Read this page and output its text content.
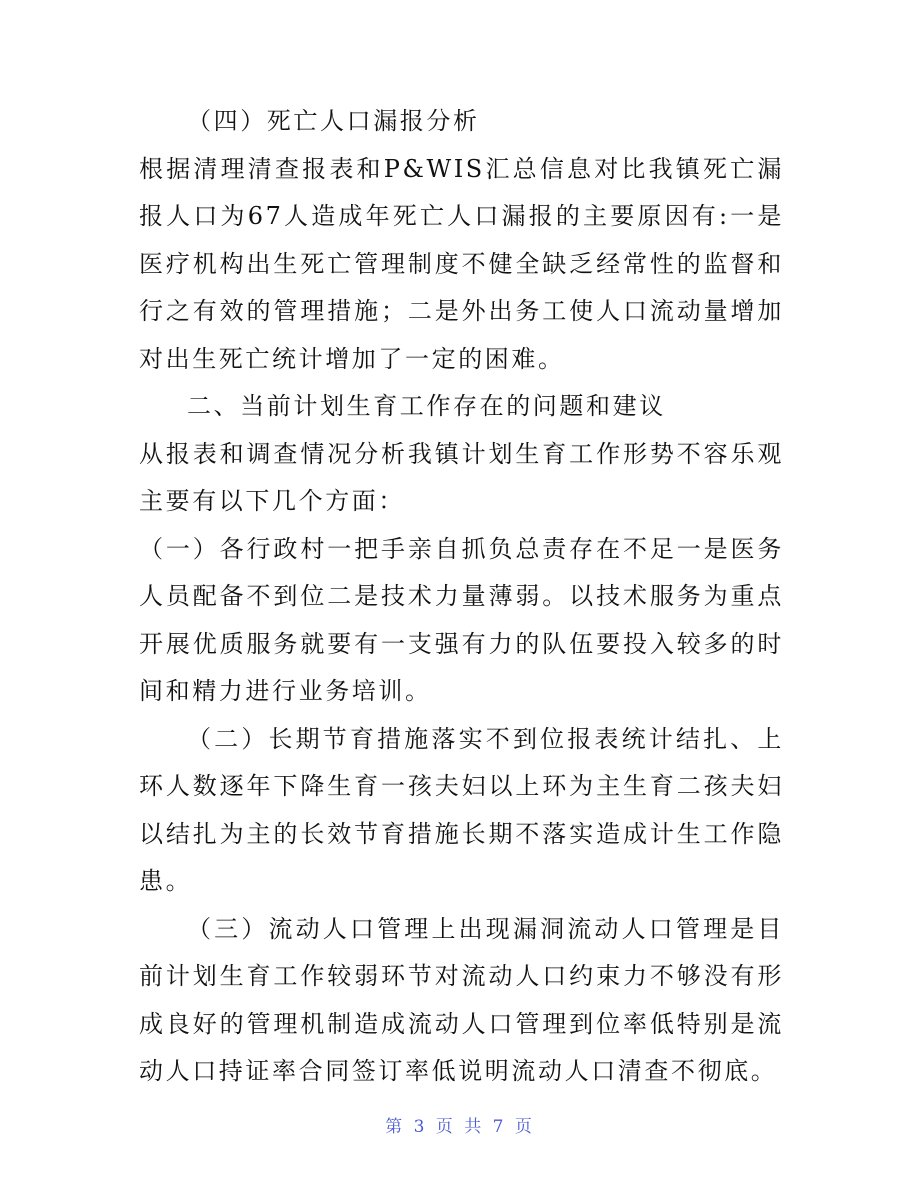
（四）死亡人口漏报分析

根据清理清查报表和P&WIS汇总信息对比我镇死亡漏报人口为67人造成年死亡人口漏报的主要原因有:一是医疗机构出生死亡管理制度不健全缺乏经常性的监督和行之有效的管理措施；二是外出务工使人口流动量增加对出生死亡统计增加了一定的困难。

二、当前计划生育工作存在的问题和建议

从报表和调查情况分析我镇计划生育工作形势不容乐观主要有以下几个方面：

（一）各行政村一把手亲自抓负总责存在不足一是医务人员配备不到位二是技术力量薄弱。以技术服务为重点开展优质服务就要有一支强有力的队伍要投入较多的时间和精力进行业务培训。

（二）长期节育措施落实不到位报表统计结扎、上环人数逐年下降生育一孩夫妇以上环为主生育二孩夫妇以结扎为主的长效节育措施长期不落实造成计生工作隐患。

（三）流动人口管理上出现漏洞流动人口管理是目前计划生育工作较弱环节对流动人口约束力不够没有形成良好的管理机制造成流动人口管理到位率低特别是流动人口持证率合同签订率低说明流动人口清查不彻底。

第 3 页 共 7 页
